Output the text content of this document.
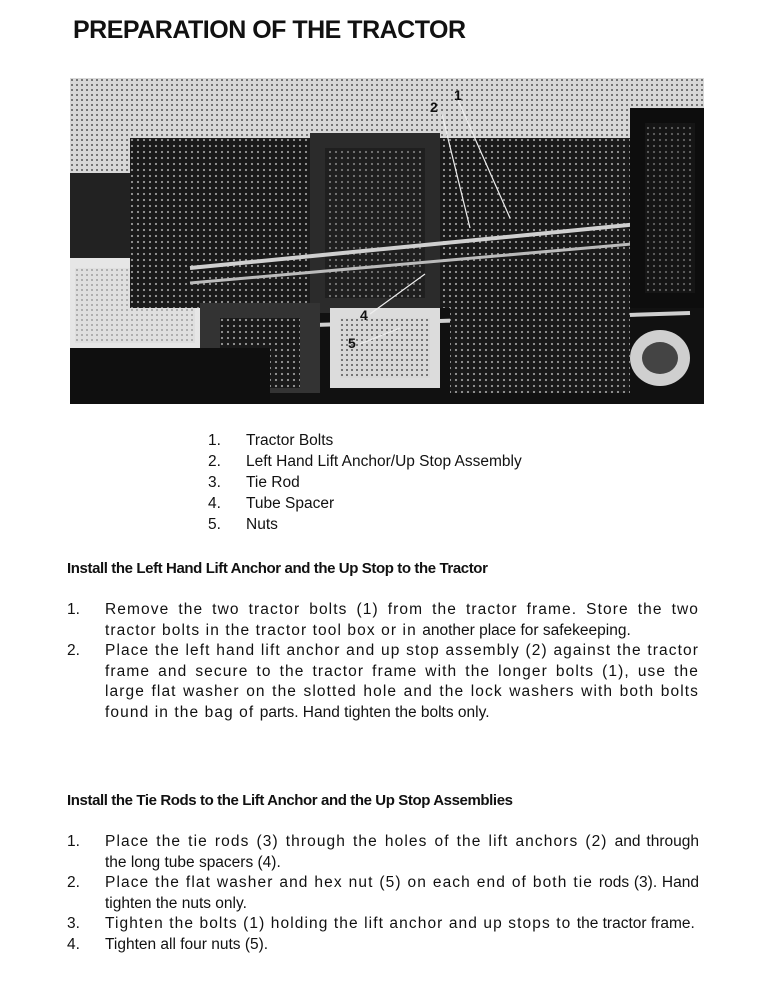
PREPARATION OF THE TRACTOR
2
1
4
5
1.	Tractor Bolts
2.	Left Hand Lift Anchor/Up Stop Assembly
3.	Tie Rod
4.	Tube Spacer
5.	Nuts
Install the Left Hand Lift Anchor and the Up Stop to the Tractor
1.	Remove the two tractor bolts (1) from the tractor frame. Store the two tractor bolts in the tractor tool box or in another place for safekeeping.
2.	Place the left hand lift anchor and up stop assembly (2) against the tractor frame and secure to the tractor frame with the longer bolts (1), use the large flat washer on the slotted hole and the lock washers with both bolts found in the bag of parts. Hand tighten the bolts only.
Install the Tie Rods to the Lift Anchor and the Up Stop Assemblies
1.	Place the tie rods (3) through the holes of the lift anchors (2) and through the long tube spacers (4).
2.	Place the flat washer and hex nut (5) on each end of both tie rods (3). Hand tighten the nuts only.
3.	Tighten the bolts (1) holding the lift anchor and up stops to the tractor frame.
4.	Tighten all four nuts (5).
